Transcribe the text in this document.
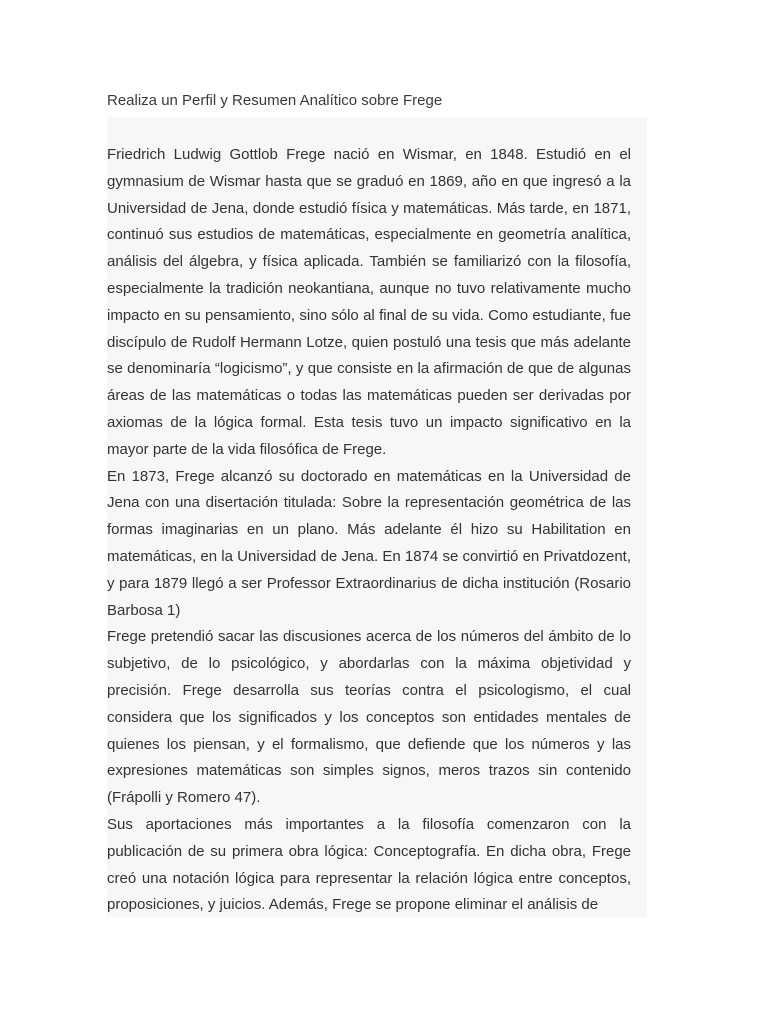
Realiza un Perfil y Resumen Analítico sobre Frege

Friedrich Ludwig Gottlob Frege nació en Wismar, en 1848. Estudió en el gymnasium de Wismar hasta que se graduó en 1869, año en que ingresó a la Universidad de Jena, donde estudió física y matemáticas. Más tarde, en 1871, continuó sus estudios de matemáticas, especialmente en geometría analítica, análisis del álgebra, y física aplicada. También se familiarizó con la filosofía, especialmente la tradición neokantiana, aunque no tuvo relativamente mucho impacto en su pensamiento, sino sólo al final de su vida. Como estudiante, fue discípulo de Rudolf Hermann Lotze, quien postuló una tesis que más adelante se denominaría “logicismo”, y que consiste en la afirmación de que de algunas áreas de las matemáticas o todas las matemáticas pueden ser derivadas por axiomas de la lógica formal. Esta tesis tuvo un impacto significativo en la mayor parte de la vida filosófica de Frege.

En 1873, Frege alcanzó su doctorado en matemáticas en la Universidad de Jena con una disertación titulada: Sobre la representación geométrica de las formas imaginarias en un plano. Más adelante él hizo su Habilitation en matemáticas, en la Universidad de Jena. En 1874 se convirtió en Privatdozent, y para 1879 llegó a ser Professor Extraordinarius de dicha institución (Rosario Barbosa 1)

Frege pretendió sacar las discusiones acerca de los números del ámbito de lo subjetivo, de lo psicológico, y abordarlas con la máxima objetividad y precisión. Frege desarrolla sus teorías contra el psicologismo, el cual considera que los significados y los conceptos son entidades mentales de quienes los piensan, y el formalismo, que defiende que los números y las expresiones matemáticas son simples signos, meros trazos sin contenido (Frápolli y Romero 47).

Sus aportaciones más importantes a la filosofía comenzaron con la publicación de su primera obra lógica: Conceptografía. En dicha obra, Frege creó una notación lógica para representar la relación lógica entre conceptos, proposiciones, y juicios. Además, Frege se propone eliminar el análisis de
